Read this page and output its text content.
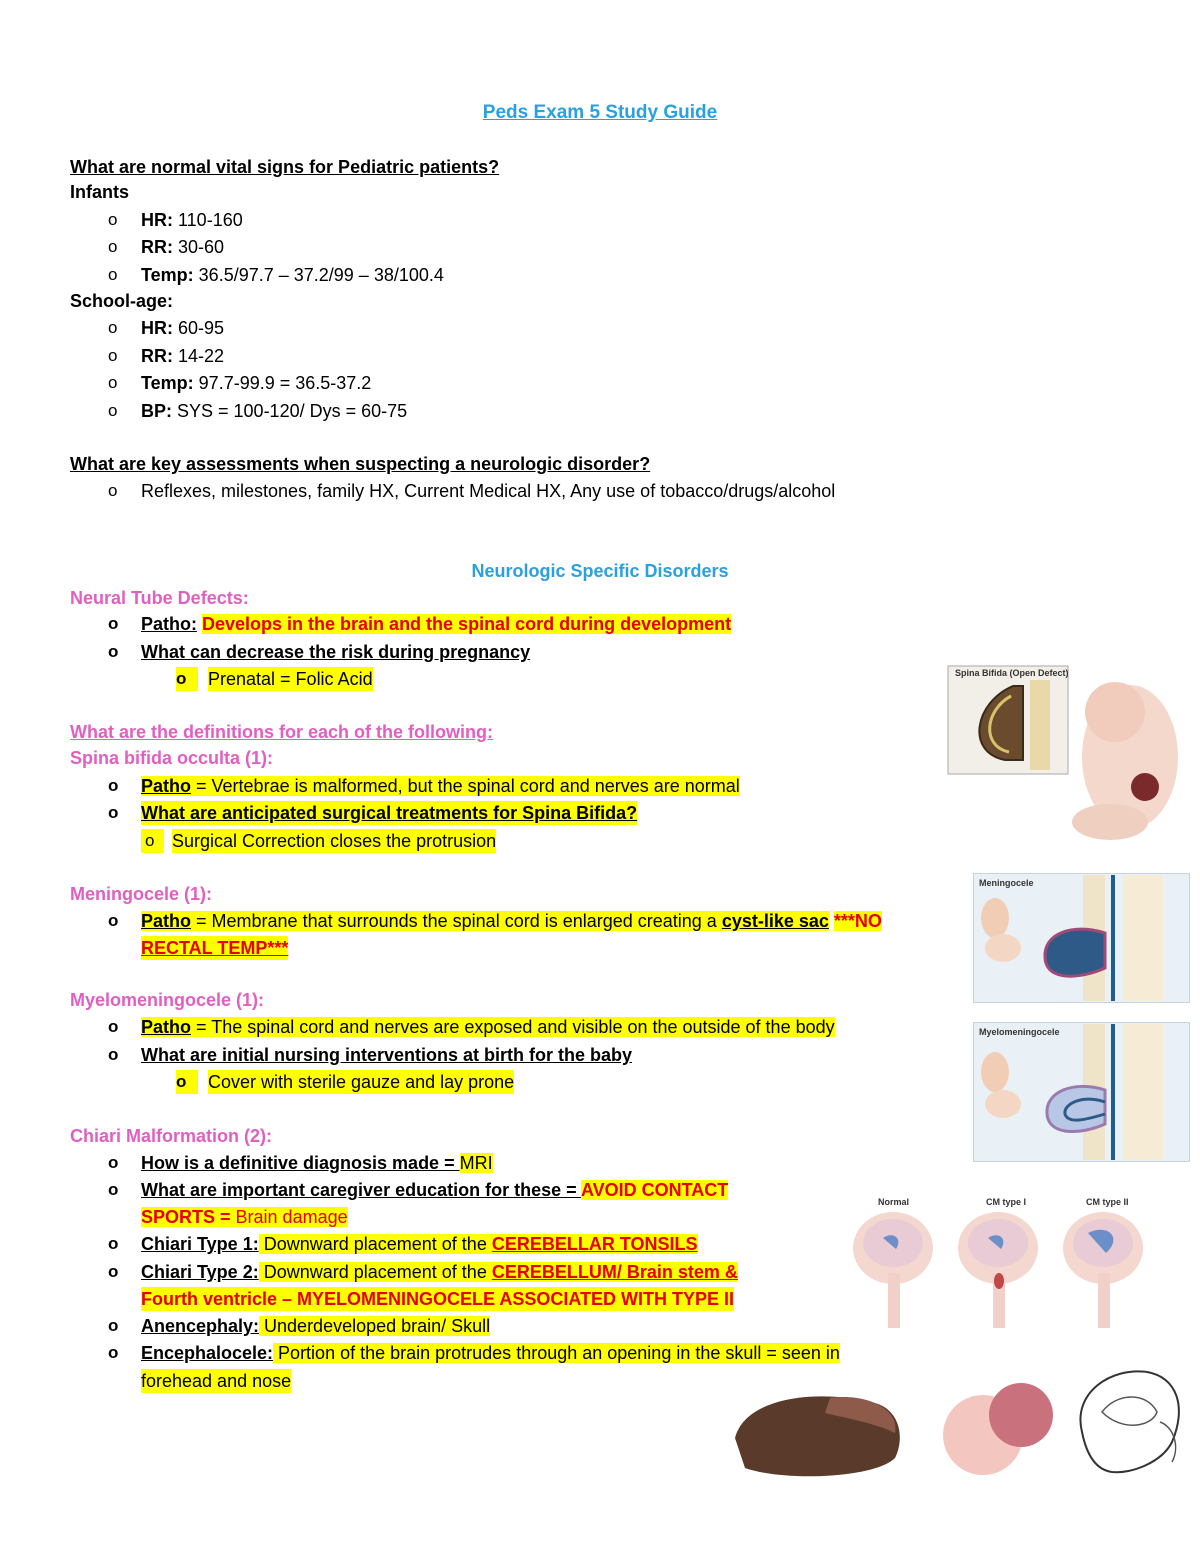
Peds Exam 5 Study Guide
What are normal vital signs for Pediatric patients?
Infants
o HR: 110-160
o RR: 30-60
o Temp: 36.5/97.7 – 37.2/99 – 38/100.4
School-age:
o HR: 60-95
o RR: 14-22
o Temp: 97.7-99.9 = 36.5-37.2
o BP: SYS = 100-120/ Dys = 60-75
What are key assessments when suspecting a neurologic disorder?
o Reflexes, milestones, family HX, Current Medical HX, Any use of tobacco/drugs/alcohol
Neurologic Specific Disorders
Neural Tube Defects:
o Patho: Develops in the brain and the spinal cord during development
o What can decrease the risk during pregnancy
o	Prenatal = Folic Acid
What are the definitions for each of the following:
Spina bifida occulta (1):
o Patho = Vertebrae is malformed, but the spinal cord and nerves are normal
o What are anticipated surgical treatments for Spina Bifida?
o Surgical Correction closes the protrusion
Meningocele (1):
o Patho = Membrane that surrounds the spinal cord is enlarged creating a cyst-like sac ***NO
RECTAL TEMP***
Myelomeningocele (1):
o Patho = The spinal cord and nerves are exposed and visible on the outside of the body
o What are initial nursing interventions at birth for the baby
o	Cover with sterile gauze and lay prone
Chiari Malformation (2):
o How is a definitive diagnosis made = MRI
o What are important caregiver education for these = AVOID CONTACT
SPORTS = Brain damage
o Chiari Type 1: Downward placement of the CEREBELLAR TONSILS
o Chiari Type 2: Downward placement of the CEREBELLUM/ Brain stem &
Fourth ventricle – MYELOMENINGOCELE ASSOCIATED WITH TYPE II
o Anencephaly: Underdeveloped brain/ Skull
o Encephalocele: Portion of the brain protrudes through an opening in the skull = seen in
forehead and nose
Spina Bifida (Open Defect)
Meningocele
Myelomeningocele
Normal	CM type I	CM type II
